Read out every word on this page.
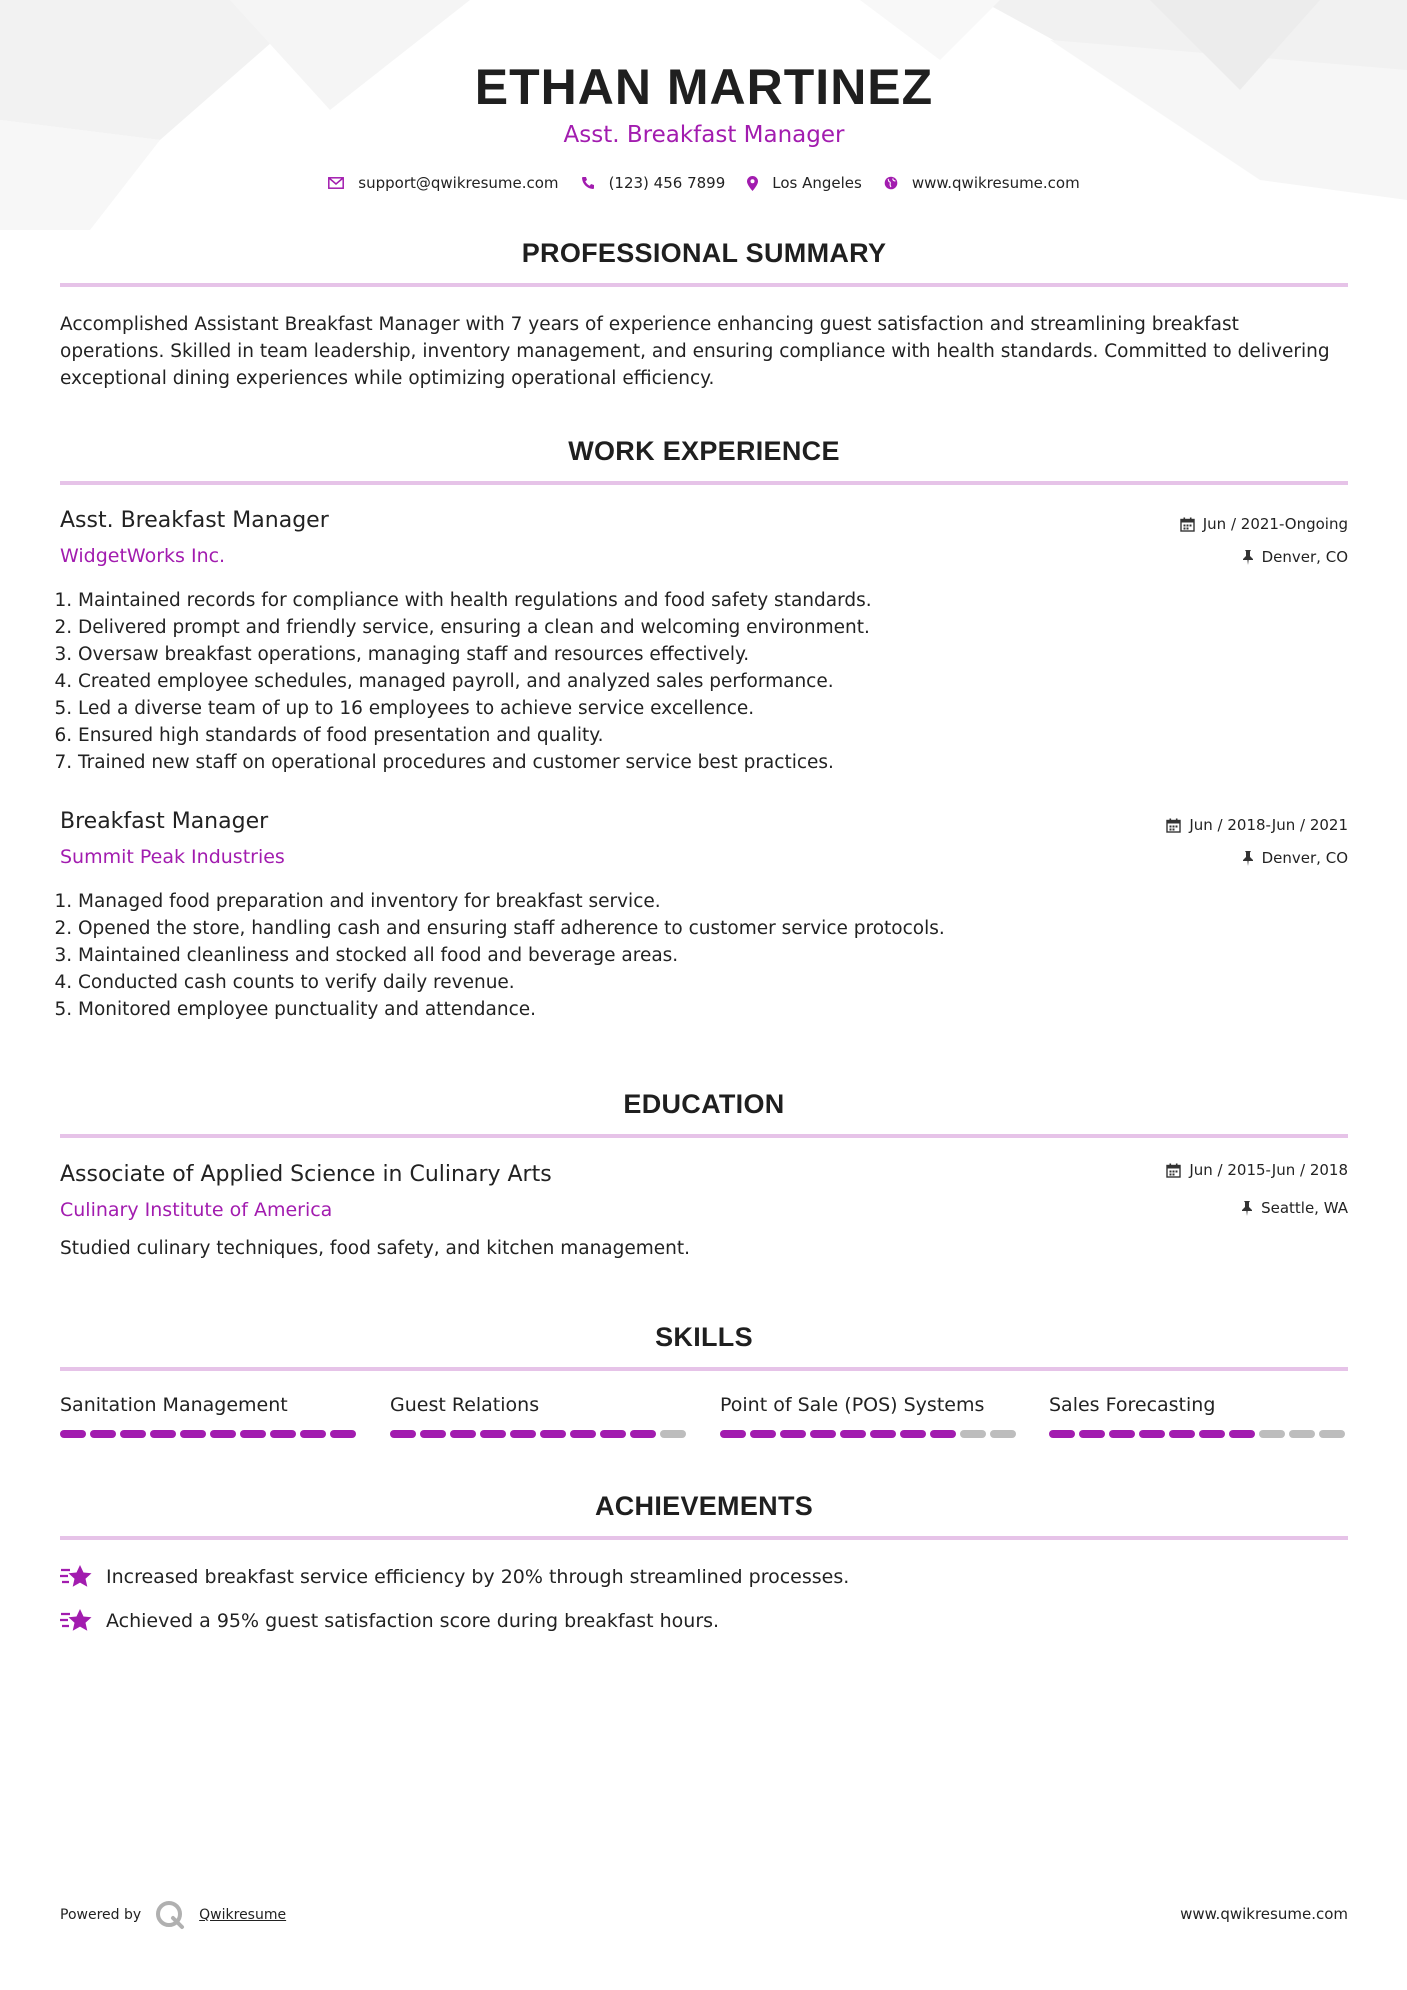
ETHAN MARTINEZ
Asst. Breakfast Manager
support@qwikresume.com	(123) 456 7899	Los Angeles	www.qwikresume.com
PROFESSIONAL SUMMARY
Accomplished Assistant Breakfast Manager with 7 years of experience enhancing guest satisfaction and streamlining breakfast operations. Skilled in team leadership, inventory management, and ensuring compliance with health standards. Committed to delivering exceptional dining experiences while optimizing operational efficiency.
WORK EXPERIENCE
Asst. Breakfast Manager
WidgetWorks Inc.
Jun / 2021-Ongoing
Denver, CO
1. Maintained records for compliance with health regulations and food safety standards.
2. Delivered prompt and friendly service, ensuring a clean and welcoming environment.
3. Oversaw breakfast operations, managing staff and resources effectively.
4. Created employee schedules, managed payroll, and analyzed sales performance.
5. Led a diverse team of up to 16 employees to achieve service excellence.
6. Ensured high standards of food presentation and quality.
7. Trained new staff on operational procedures and customer service best practices.
Breakfast Manager
Summit Peak Industries
Jun / 2018-Jun / 2021
Denver, CO
1. Managed food preparation and inventory for breakfast service.
2. Opened the store, handling cash and ensuring staff adherence to customer service protocols.
3. Maintained cleanliness and stocked all food and beverage areas.
4. Conducted cash counts to verify daily revenue.
5. Monitored employee punctuality and attendance.
EDUCATION
Associate of Applied Science in Culinary Arts
Culinary Institute of America
Jun / 2015-Jun / 2018
Seattle, WA
Studied culinary techniques, food safety, and kitchen management.
SKILLS
Sanitation Management	Guest Relations	Point of Sale (POS) Systems	Sales Forecasting
ACHIEVEMENTS
Increased breakfast service efficiency by 20% through streamlined processes.
Achieved a 95% guest satisfaction score during breakfast hours.
Powered by	Qwikresume	www.qwikresume.com
